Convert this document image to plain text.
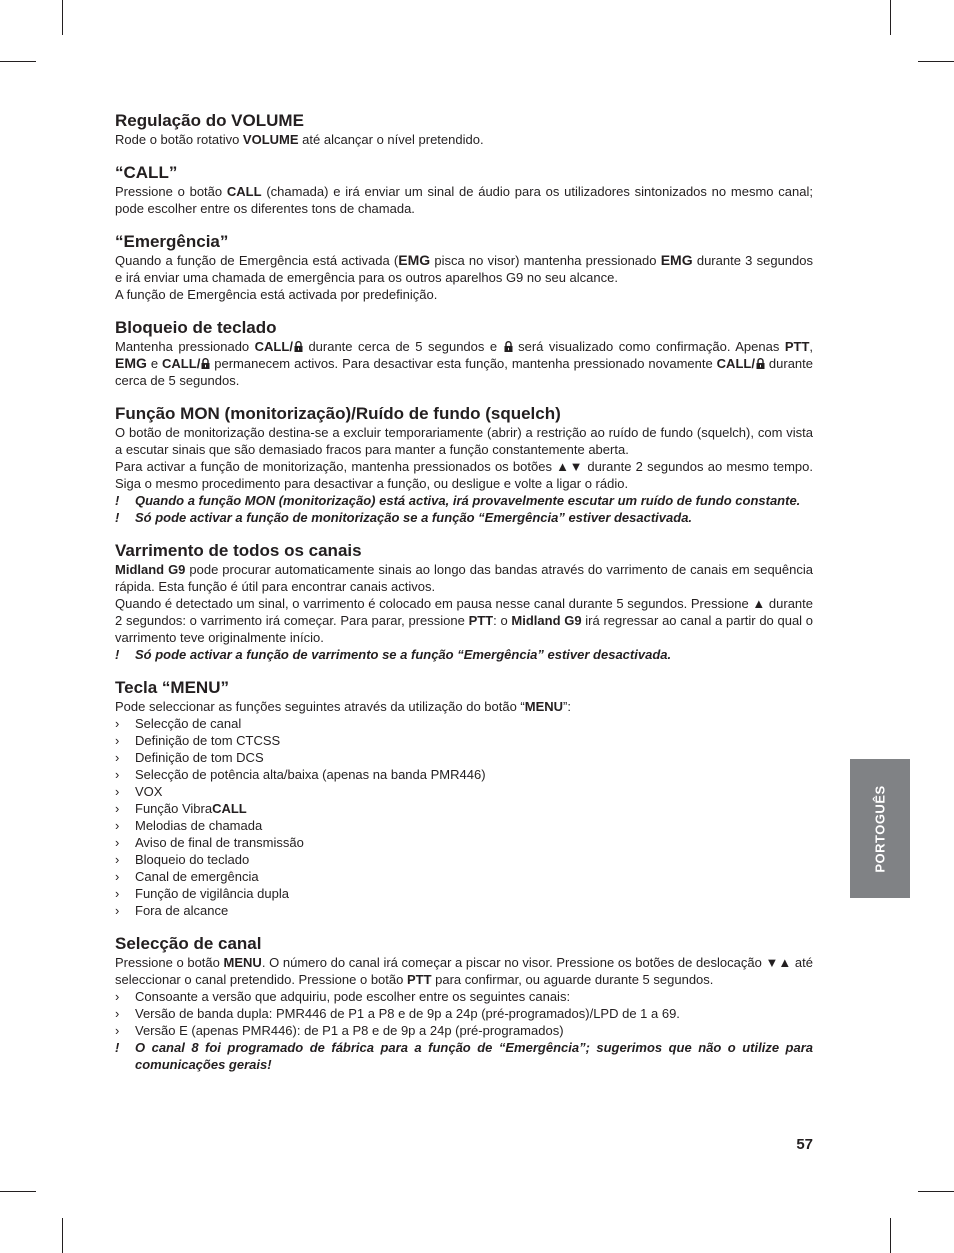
Regulação do VOLUME

Rode o botão rotativo VOLUME até alcançar o nível pretendido.

“CALL”

Pressione o botão CALL (chamada) e irá enviar um sinal de áudio para os utilizadores sintonizados no mesmo canal; pode escolher entre os diferentes tons de chamada.

“Emergência”

Quando a função de Emergência está activada (EMG pisca no visor) mantenha pressionado EMG durante 3 segundos e irá enviar uma chamada de emergência para os outros aparelhos G9 no seu alcance.

A função de Emergência está activada por predefinição.

Bloqueio de teclado

Mantenha pressionado CALL/ durante cerca de 5 segundos e  será visualizado como confirmação. Apenas PTT, EMG e CALL/ permanecem activos. Para desactivar esta função, mantenha pressionado novamente CALL/ durante cerca de 5 segundos.

Função MON (monitorização)/Ruído de fundo (squelch)

O botão de monitorização destina-se a excluir temporariamente (abrir) a restrição ao ruído de fundo (squelch), com vista a escutar sinais que são demasiado fracos para manter a função constantemente aberta.

Para activar a função de monitorização, mantenha pressionados os botões ▲▼ durante 2 segundos ao mesmo tempo. Siga o mesmo procedimento para desactivar a função, ou desligue e volte a ligar o rádio.

!	Quando a função MON (monitorização) está activa, irá provavelmente escutar um ruído de fundo constante.
!	Só pode activar a função de monitorização se a função “Emergência” estiver desactivada.
Varrimento de todos os canais

Midland G9 pode procurar automaticamente sinais ao longo das bandas através do varrimento de canais em sequência rápida. Esta função é útil para encontrar canais activos.

Quando é detectado um sinal, o varrimento é colocado em pausa nesse canal durante 5 segundos. Pressione ▲ durante 2 segundos: o varrimento irá começar. Para parar, pressione PTT: o Midland G9 irá regressar ao canal a partir do qual o varrimento teve originalmente início.

!	Só pode activar a função de varrimento se a função “Emergência” estiver desactivada.
Tecla “MENU”

Pode seleccionar as funções seguintes através da utilização do botão “MENU”:

›	Selecção de canal
›	Definição de tom CTCSS
›	Definição de tom DCS
›	Selecção de potência alta/baixa (apenas na banda PMR446)
›	VOX
›	Função VibraCALL
›	Melodias de chamada
›	Aviso de final de transmissão
›	Bloqueio do teclado
›	Canal de emergência
›	Função de vigilância dupla
›	Fora de alcance
Selecção de canal

Pressione o botão MENU. O número do canal irá começar a piscar no visor. Pressione os botões de deslocação ▼▲ até seleccionar o canal pretendido. Pressione o botão PTT para confirmar, ou aguarde durante 5 segundos.

›	Consoante a versão que adquiriu, pode escolher entre os seguintes canais:
›	Versão de banda dupla: PMR446 de P1 a P8 e de 9p a 24p (pré-programados)/LPD de 1 a 69.
›	Versão E (apenas PMR446): de P1 a P8 e de 9p a 24p (pré-programados)
!	O canal 8 foi programado de fábrica para a função de “Emergência”; sugerimos que não o utilize para comunicações gerais!
PORTOGUÊS
57
